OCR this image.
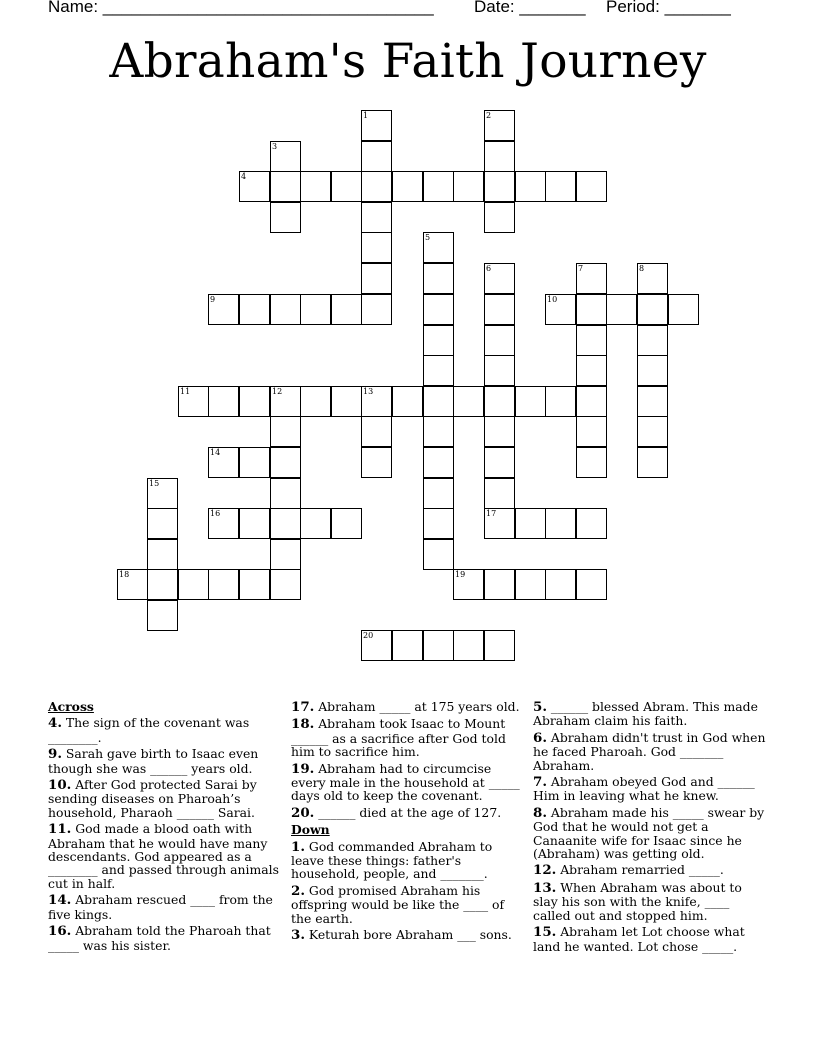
Name: ___________________________________ Date: _______ Period: _______
Abraham's Faith Journey
1	2
3
4
5
6	7	8
9	10
11	12	13
14
15
16	17
18	19
20
Across
4. The sign of the covenant was ________.
9. Sarah gave birth to Isaac even though she was ______ years old.
10. After God protected Sarai by sending diseases on Pharoah’s household, Pharaoh ______ Sarai.
11. God made a blood oath with Abraham that he would have many descendants. God appeared as a ________ and passed through animals cut in half.
14. Abraham rescued ____ from the five kings.
16. Abraham told the Pharoah that _____ was his sister.
17. Abraham _____ at 175 years old.
18. Abraham took Isaac to Mount ______ as a sacrifice after God told him to sacrifice him.
19. Abraham had to circumcise every male in the household at _____ days old to keep the covenant.
20. ______ died at the age of 127.
Down
1. God commanded Abraham to leave these things: father's household, people, and _______.
2. God promised Abraham his offspring would be like the ____ of the earth.
3. Keturah bore Abraham ___ sons.
5. ______ blessed Abram. This made Abraham claim his faith.
6. Abraham didn't trust in God when he faced Pharoah. God _______ Abraham.
7. Abraham obeyed God and ______ Him in leaving what he knew.
8. Abraham made his _____ swear by God that he would not get a Canaanite wife for Isaac since he (Abraham) was getting old.
12. Abraham remarried _____.
13. When Abraham was about to slay his son with the knife, ____ called out and stopped him.
15. Abraham let Lot choose what land he wanted. Lot chose _____.
